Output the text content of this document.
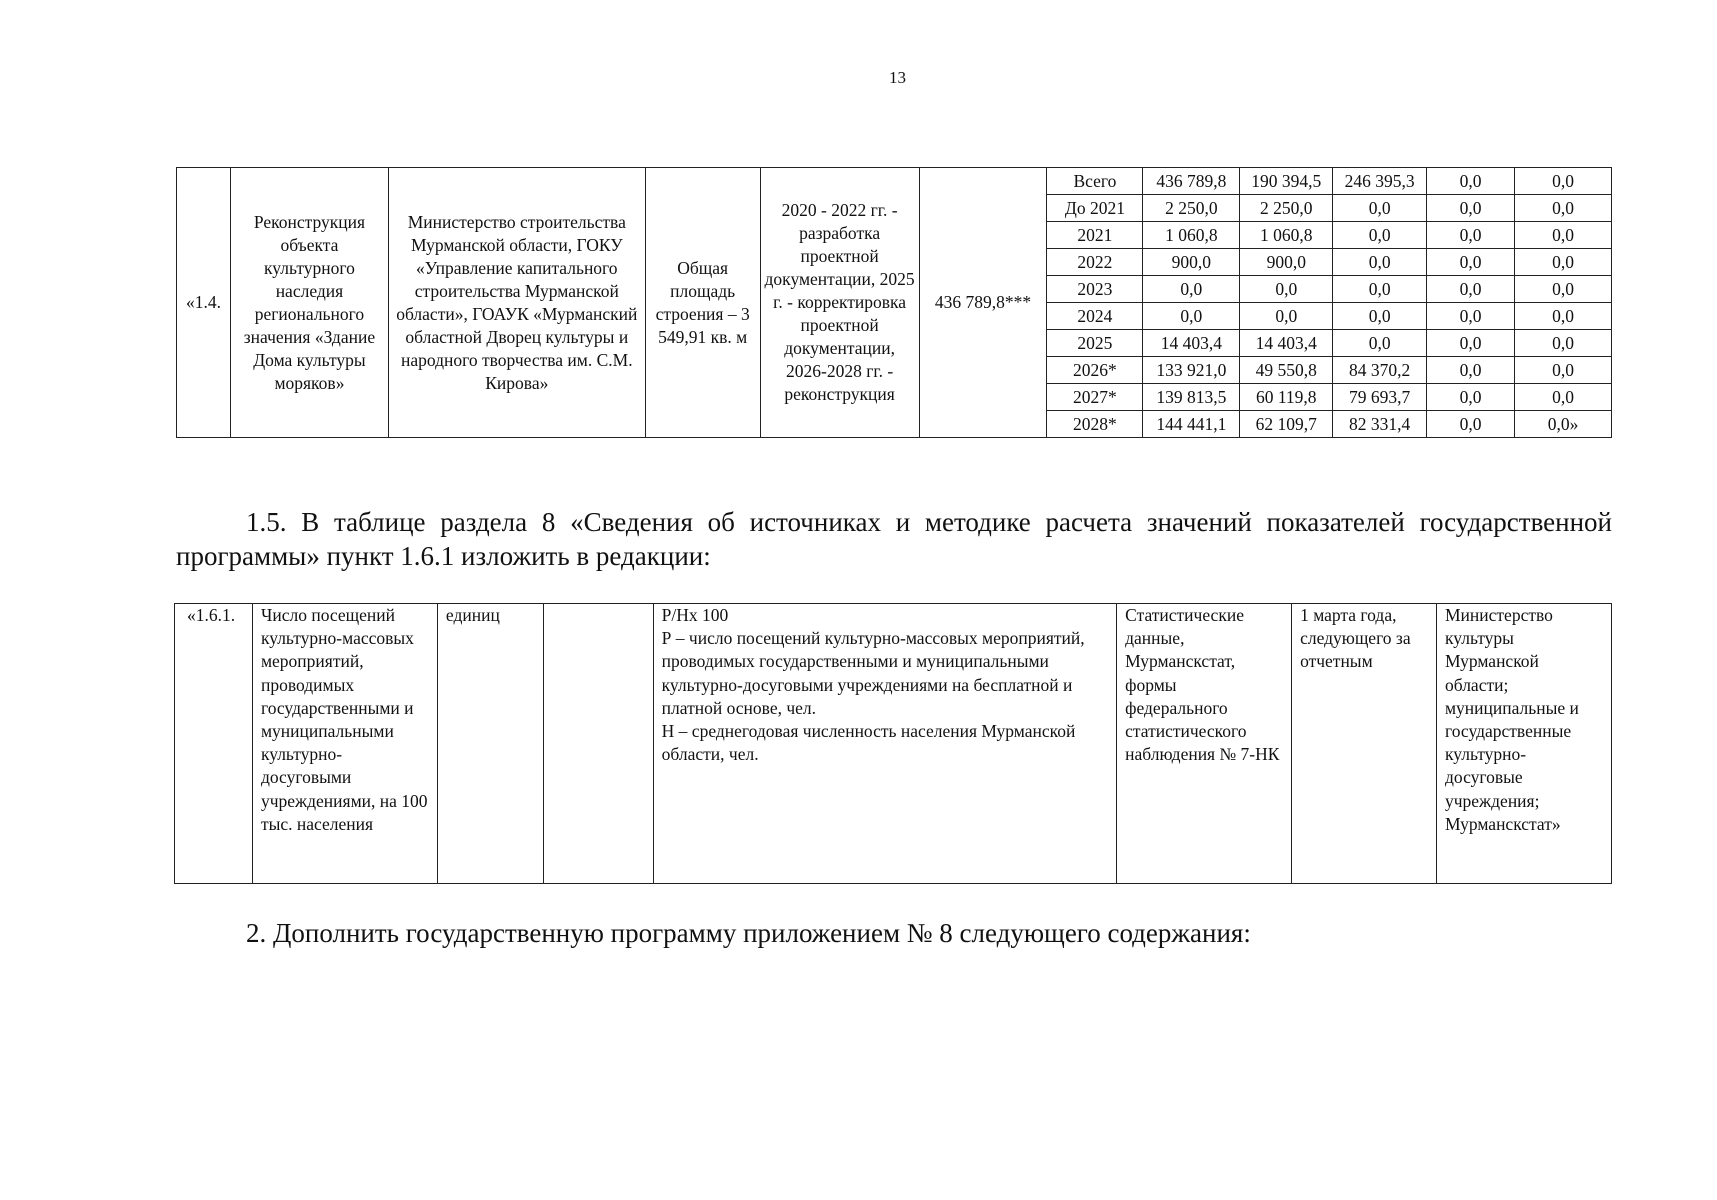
13
«1.4.	Реконструкция объекта культурного наследия регионального значения «Здание Дома культуры моряков»	Министерство строительства Мурманской области, ГОКУ «Управление капитального строительства Мурманской области», ГОАУК «Мурманский областной Дворец культуры и народного творчества им. С.М. Кирова»	Общая площадь строения – 3 549,91 кв. м	2020 - 2022 гг. - разработка проектной документации, 2025 г. - корректировка проектной документации, 2026-2028 гг. - реконструкция	436 789,8***	Всего	436 789,8	190 394,5	246 395,3	0,0	0,0
						До 2021	2 250,0	2 250,0	0,0	0,0	0,0
						2021	1 060,8	1 060,8	0,0	0,0	0,0
						2022	900,0	900,0	0,0	0,0	0,0
						2023	0,0	0,0	0,0	0,0	0,0
						2024	0,0	0,0	0,0	0,0	0,0
						2025	14 403,4	14 403,4	0,0	0,0	0,0
						2026*	133 921,0	49 550,8	84 370,2	0,0	0,0
						2027*	139 813,5	60 119,8	79 693,7	0,0	0,0
						2028*	144 441,1	62 109,7	82 331,4	0,0	0,0»
1.5. В таблице раздела 8 «Сведения об источниках и методике расчета значений показателей государственной программы» пункт 1.6.1 изложить в редакции:
«1.6.1.	Число посещений культурно-массовых мероприятий, проводимых государственными и муниципальными культурно-досуговыми учреждениями, на 100 тыс. населения	единиц		Р/Нх 100
Р – число посещений культурно-массовых мероприятий, проводимых государственными и муниципальными культурно-досуговыми учреждениями на бесплатной и платной основе, чел.
Н – среднегодовая численность населения Мурманской области, чел.
	Статистические данные, Мурманскстат, формы федерального статистического наблюдения № 7-НК	1 марта года, следующего за отчетным	Министерство культуры Мурманской области; муниципальные и государственные культурно-досуговые учреждения; Мурманскстат»
2. Дополнить государственную программу приложением № 8 следующего содержания:
